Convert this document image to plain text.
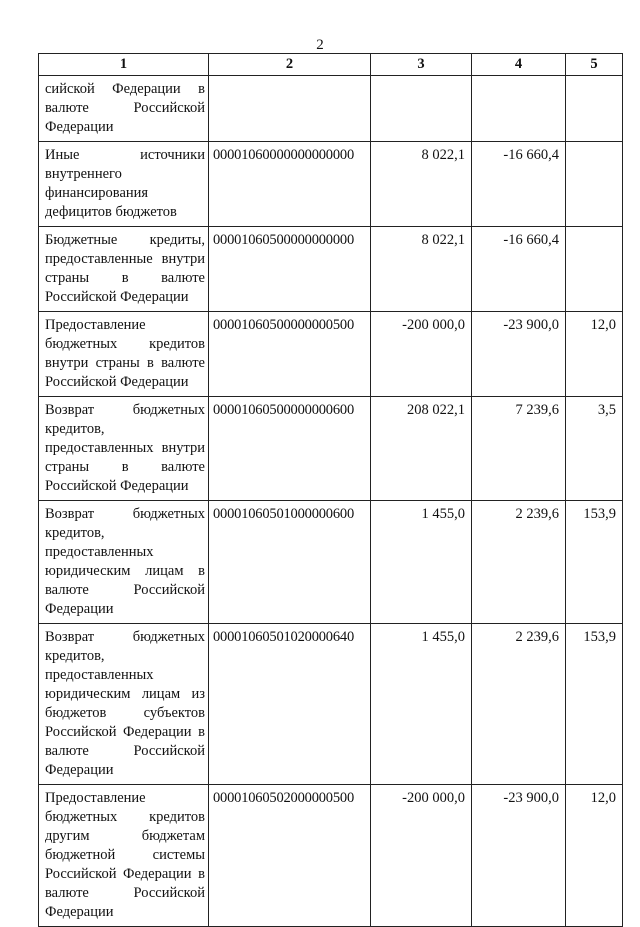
2
1	2	3	4	5
сийской Федерации в валюте Российской Федерации				
Иные источники внутреннего финансирования дефицитов бюджетов	00001060000000000000	8 022,1	-16 660,4	
Бюджетные кредиты, предоставленные внутри страны в валюте Российской Федерации	00001060500000000000	8 022,1	-16 660,4	
Предоставление бюджетных кредитов внутри страны в валюте Российской Федерации	00001060500000000500	-200 000,0	-23 900,0	12,0
Возврат бюджетных кредитов, предоставленных внутри страны в валюте Российской Федерации	00001060500000000600	208 022,1	7 239,6	3,5
Возврат бюджетных кредитов, предоставленных юридическим лицам в валюте Российской Федерации	00001060501000000600	1 455,0	2 239,6	153,9
Возврат бюджетных кредитов, предоставленных юридическим лицам из бюджетов субъектов Российской Федерации в валюте Российской Федерации	00001060501020000640	1 455,0	2 239,6	153,9
Предоставление бюджетных кредитов другим бюджетам бюджетной системы Российской Федерации в валюте Российской Федерации	00001060502000000500	-200 000,0	-23 900,0	12,0
